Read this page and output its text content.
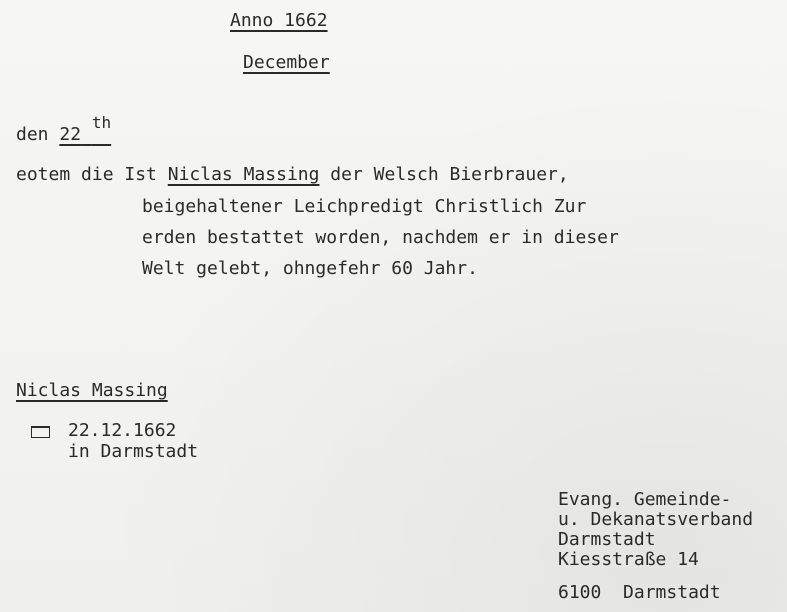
Anno 1662
December
den 22 th
eotem die Ist Niclas Massing der Welsch Bierbrauer,
beigehaltener Leichpredigt Christlich Zur
erden bestattet worden, nachdem er in dieser
Welt gelebt, ohngefehr 60 Jahr.
Niclas Massing
22.12.1662
in Darmstadt
Evang. Gemeinde-
u. Dekanatsverband
Darmstadt
Kiesstraße 14
6100 Darmstadt
